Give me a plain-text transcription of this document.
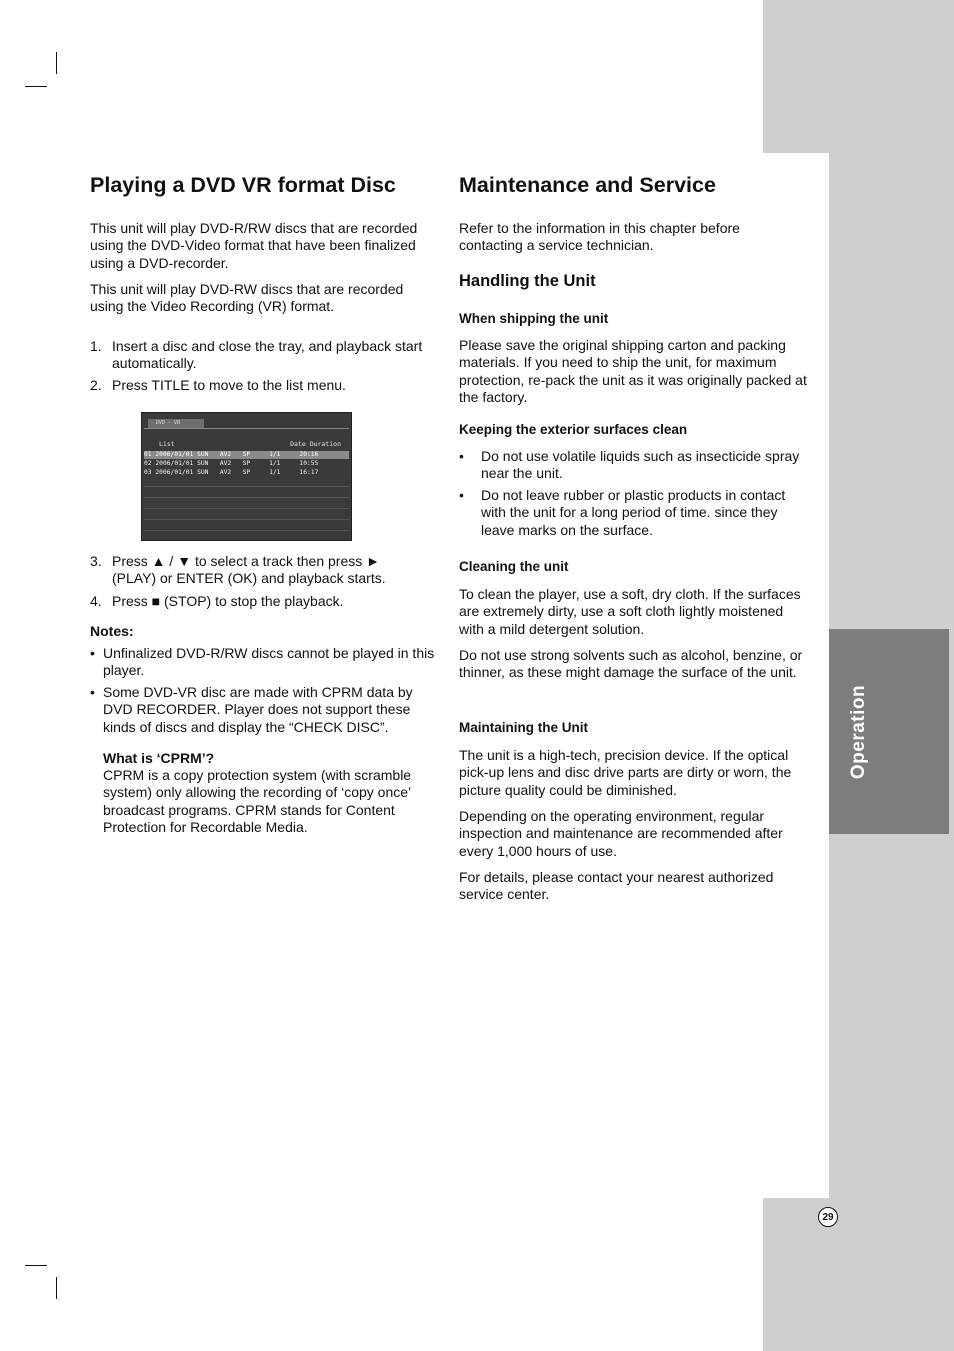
Operation
29
Playing a DVD VR format Disc

This unit will play DVD-R/RW discs that are recorded using the DVD-Video format that have been finalized using a DVD-recorder.

This unit will play DVD-RW discs that are recorded using the Video Recording (VR) format.

1. Insert a disc and close the tray, and playback start automatically.
2. Press TITLE to move to the list menu.
DVD - VR
List	Date Duration
01 2006/01/01 SUN   AV2   SP     1/1     20:16
02 2006/01/01 SUN   AV2   SP     1/1     10:55
03 2006/01/01 SUN   AV2   SP     1/1     16:17
3. Press ▲ / ▼ to select a track then press ► (PLAY) or ENTER (OK) and playback starts.
4. Press ■ (STOP) to stop the playback.
Notes:
• Unfinalized DVD-R/RW discs cannot be played in this player.
• Some DVD-VR disc are made with CPRM data by DVD RECORDER. Player does not support these kinds of discs and display the “CHECK DISC”.
What is ‘CPRM’?

CPRM is a copy protection system (with scramble system) only allowing the recording of ‘copy once’ broadcast programs. CPRM stands for Content Protection for Recordable Media.

Maintenance and Service

Refer to the information in this chapter before contacting a service technician.

Handling the Unit
When shipping the unit

Please save the original shipping carton and packing materials. If you need to ship the unit, for maximum protection, re-pack the unit as it was originally packed at the factory.

Keeping the exterior surfaces clean
• Do not use volatile liquids such as insecticide spray near the unit.
• Do not leave rubber or plastic products in contact with the unit for a long period of time. since they leave marks on the surface.
Cleaning the unit

To clean the player, use a soft, dry cloth. If the surfaces are extremely dirty, use a soft cloth lightly moistened with a mild detergent solution.

Do not use strong solvents such as alcohol, benzine, or thinner, as these might damage the surface of the unit.

Maintaining the Unit

The unit is a high-tech, precision device. If the optical pick-up lens and disc drive parts are dirty or worn, the picture quality could be diminished.

Depending on the operating environment, regular inspection and maintenance are recommended after every 1,000 hours of use.

For details, please contact your nearest authorized service center.
